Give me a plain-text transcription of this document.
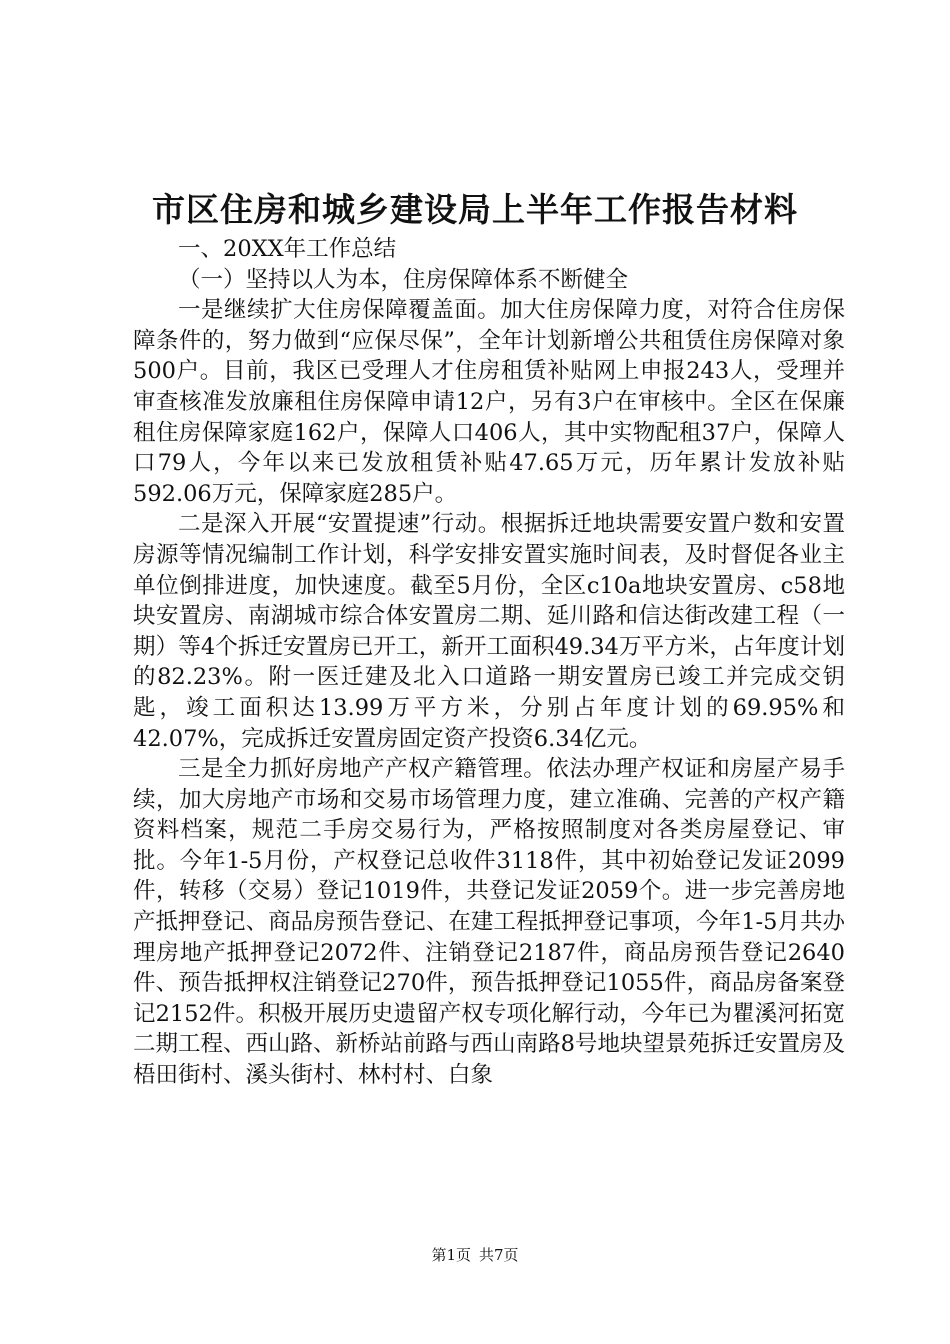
市区住房和城乡建设局上半年工作报告材料

一、20XX年工作总结

（一）坚持以人为本，住房保障体系不断健全

一是继续扩大住房保障覆盖面。加大住房保障力度，对符合住房保障条件的，努力做到“应保尽保”，全年计划新增公共租赁住房保障对象500户。目前，我区已受理人才住房租赁补贴网上申报243人，受理并审查核准发放廉租住房保障申请12户，另有3户在审核中。全区在保廉租住房保障家庭162户，保障人口406人，其中实物配租37户，保障人口79人，今年以来已发放租赁补贴47.65万元，历年累计发放补贴592.06万元，保障家庭285户。

二是深入开展“安置提速”行动。根据拆迁地块需要安置户数和安置房源等情况编制工作计划，科学安排安置实施时间表，及时督促各业主单位倒排进度，加快速度。截至5月份，全区c10a地块安置房、c58地块安置房、南湖城市综合体安置房二期、延川路和信达街改建工程（一期）等4个拆迁安置房已开工，新开工面积49.34万平方米，占年度计划的82.23%。附一医迁建及北入口道路一期安置房已竣工并完成交钥匙，竣工面积达13.99万平方米，分别占年度计划的69.95%和42.07%，完成拆迁安置房固定资产投资6.34亿元。

三是全力抓好房地产产权产籍管理。依法办理产权证和房屋产易手续，加大房地产市场和交易市场管理力度，建立准确、完善的产权产籍资料档案，规范二手房交易行为，严格按照制度对各类房屋登记、审批。今年1-5月份，产权登记总收件3118件，其中初始登记发证2099件，转移（交易）登记1019件，共登记发证2059个。进一步完善房地产抵押登记、商品房预告登记、在建工程抵押登记事项，今年1-5月共办理房地产抵押登记2072件、注销登记2187件，商品房预告登记2640件、预告抵押权注销登记270件，预告抵押登记1055件，商品房备案登记2152件。积极开展历史遗留产权专项化解行动，今年已为瞿溪河拓宽二期工程、西山路、新桥站前路与西山南路8号地块望景苑拆迁安置房及梧田街村、溪头街村、林村村、白象

第1页 共7页
